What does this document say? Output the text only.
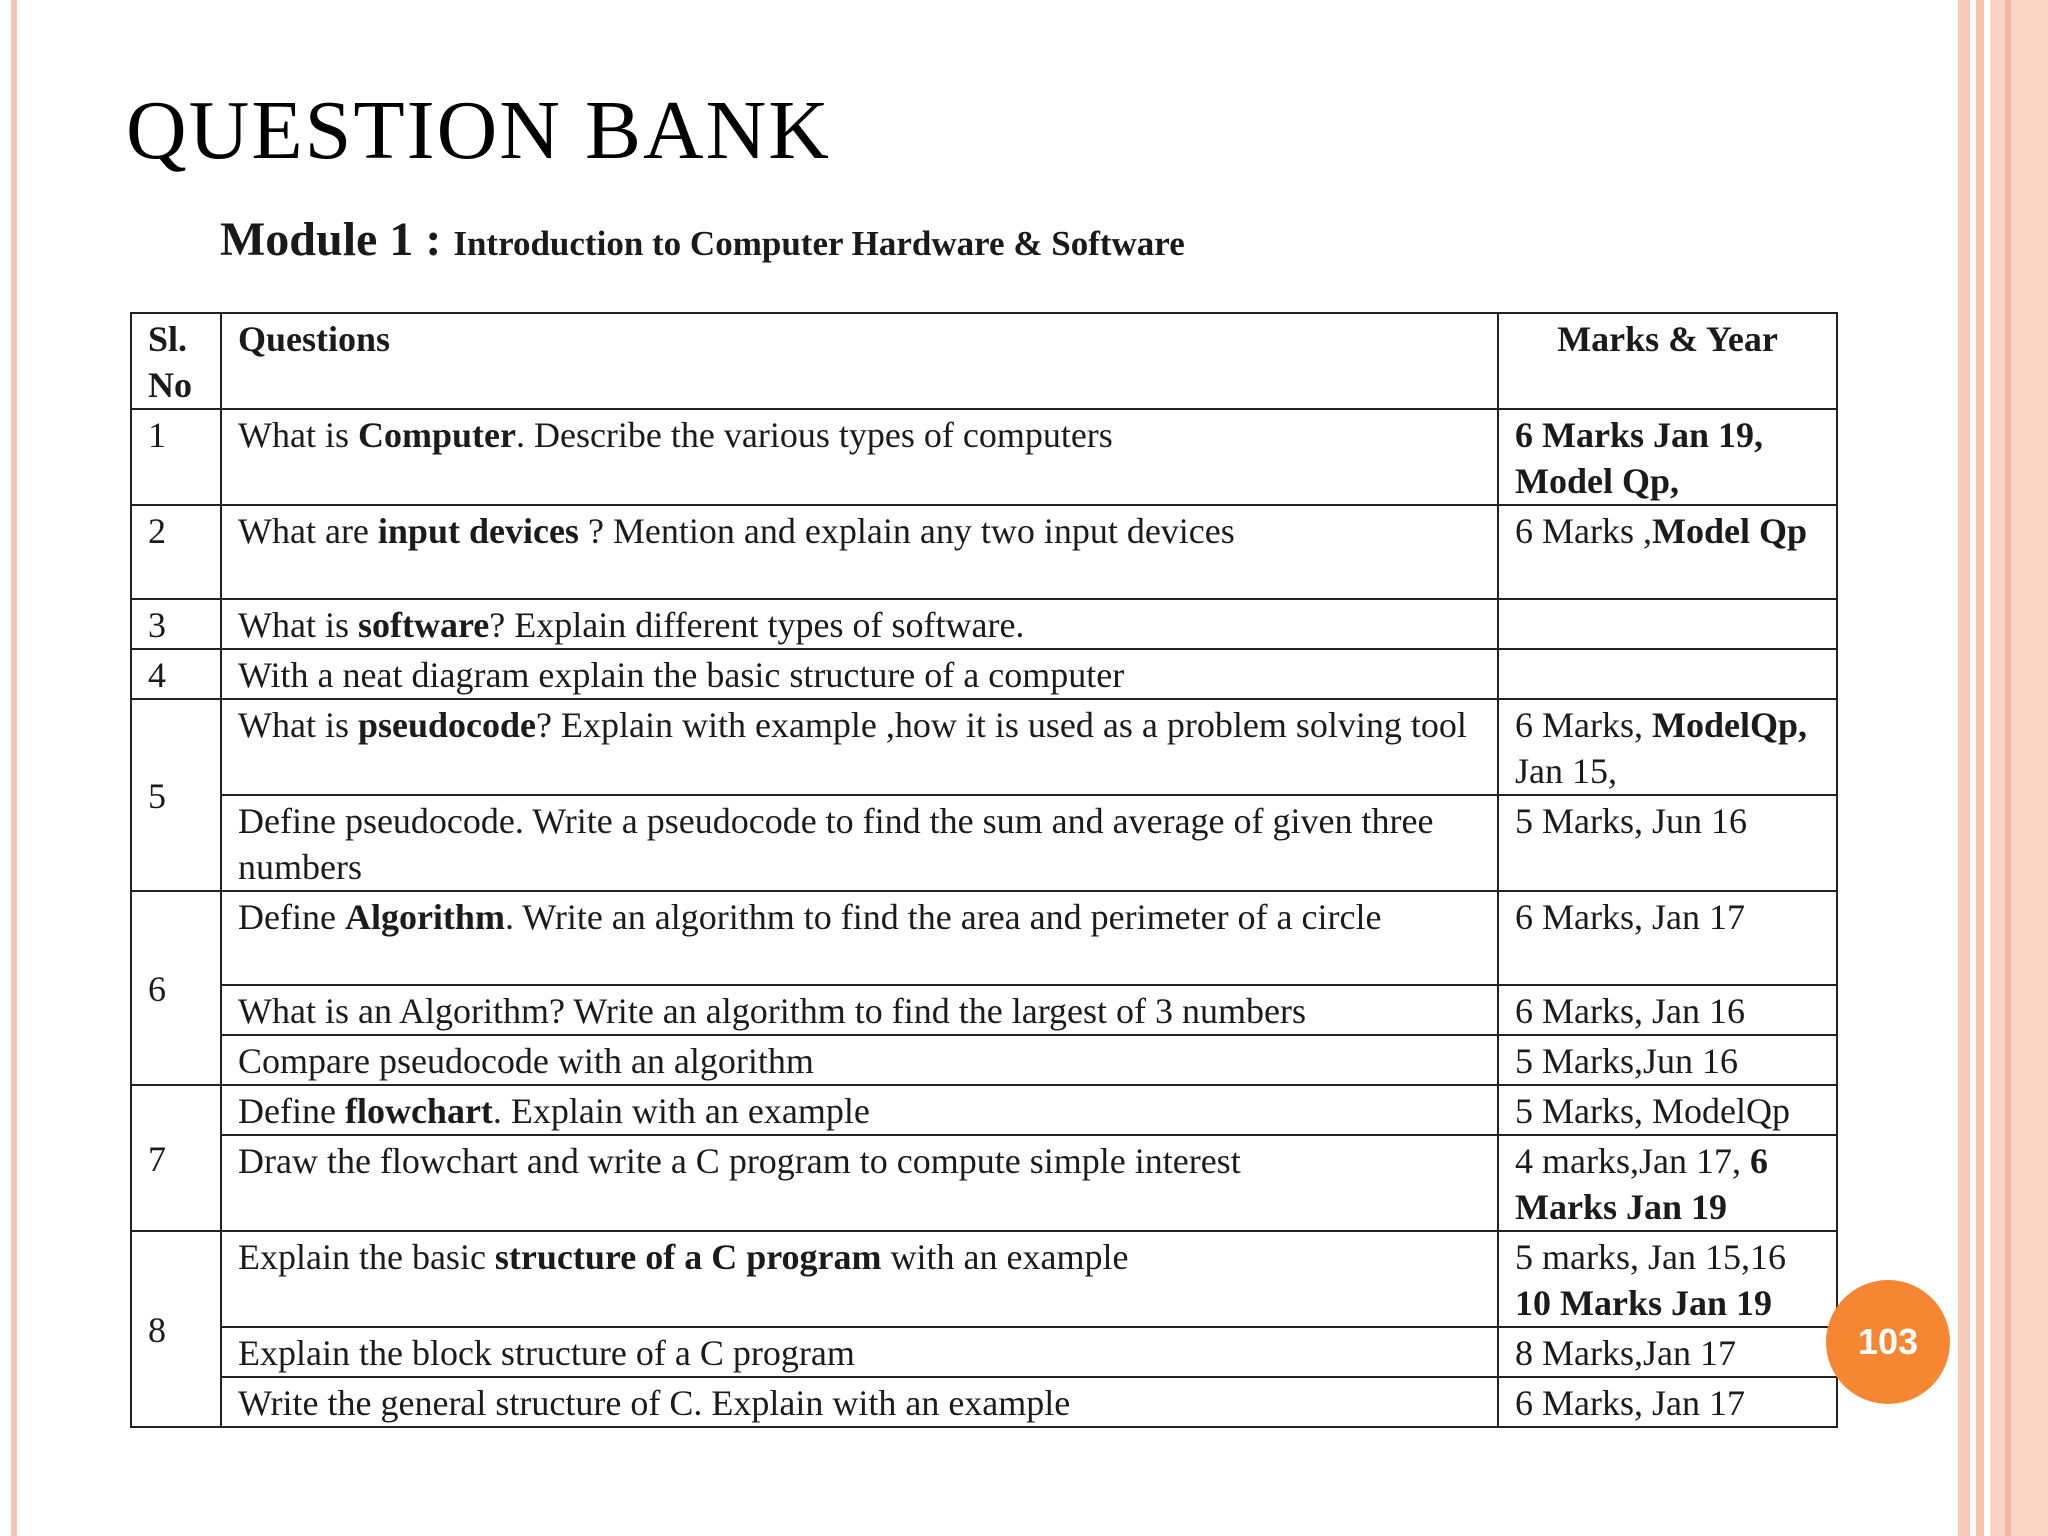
QUESTION BANK
Module 1 : Introduction to Computer Hardware & Software
Sl.
No	Questions	Marks & Year
1	What is Computer. Describe the various types of computers	6 Marks Jan 19, Model Qp,
2	What are input devices ? Mention and explain any two input devices	6 Marks ,Model Qp
3	What is software? Explain different types of software.	
4	With a neat diagram explain the basic structure of a computer	
5	What is pseudocode? Explain with example ,how it is used as a problem solving tool	6 Marks, ModelQp, Jan 15,
	Define pseudocode. Write a pseudocode to find the sum and average of given three numbers	5 Marks, Jun 16
6	Define Algorithm. Write an algorithm to find the area and perimeter of a circle	6 Marks, Jan 17
	What is an Algorithm? Write an algorithm to find the largest of 3 numbers	6 Marks, Jan 16
	Compare pseudocode with an algorithm	5 Marks,Jun 16
7	Define flowchart. Explain with an example	5 Marks, ModelQp
	Draw the flowchart and write a C program to compute simple interest	4 marks,Jan 17, 6 Marks Jan 19
8	Explain the basic structure of a C program with an example	5 marks, Jan 15,16 10 Marks Jan 19
	Explain the block structure of a C program	8 Marks,Jan 17
	Write the general structure of C. Explain with an example	6 Marks, Jan 17
103
